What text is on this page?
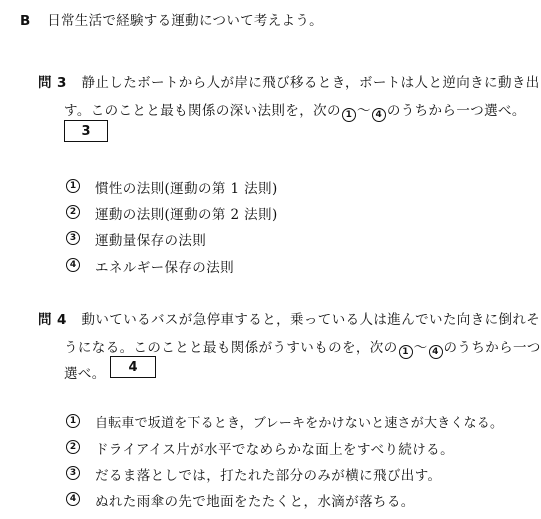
B 日常生活で経験する運動について考えよう。
問 3 静止したボートから人が岸に飛び移るとき，ボートは人と逆向きに動き出
す。このことと最も関係の深い法則を，次の 1 ～ 4 のうちから一つ選べ。
3
1 慣性の法則(運動の第 1 法則)
2 運動の法則(運動の第 2 法則)
3 運動量保存の法則
4 エネルギー保存の法則
問 4 動いているバスが急停車すると，乗っている人は進んでいた向きに倒れそ
うになる。このことと最も関係がうすいものを，次の 1 ～ 4 のうちから一つ
選べ。 4
1 自転車で坂道を下るとき，ブレーキをかけないと速さが大きくなる。
2 ドライアイス片が水平でなめらかな面上をすべり続ける。
3 だるま落としでは，打たれた部分のみが横に飛び出す。
4 ぬれた雨傘の先で地面をたたくと，水滴が落ちる。
